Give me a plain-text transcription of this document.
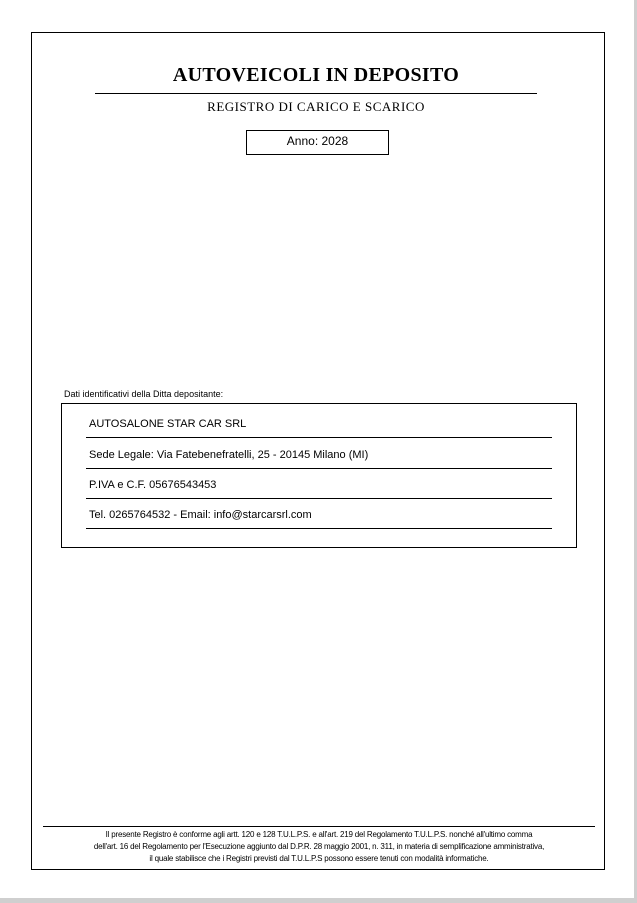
AUTOVEICOLI IN DEPOSITO
REGISTRO DI CARICO E SCARICO
Anno: 2028
Dati identificativi della Ditta depositante:
AUTOSALONE STAR CAR SRL
Sede Legale: Via Fatebenefratelli, 25 - 20145 Milano (MI)
P.IVA e C.F. 05676543453
Tel. 0265764532 - Email: info@starcarsrl.com
Il presente Registro è conforme agli artt. 120 e 128 T.U.L.P.S. e all'art. 219 del Regolamento T.U.L.P.S. nonché all'ultimo comma
dell'art. 16 del Regolamento per l'Esecuzione aggiunto dal D.P.R. 28 maggio 2001, n. 311, in materia di semplificazione amministrativa,
il quale stabilisce che i Registri previsti dal T.U.L.P.S possono essere tenuti con modalità informatiche.
